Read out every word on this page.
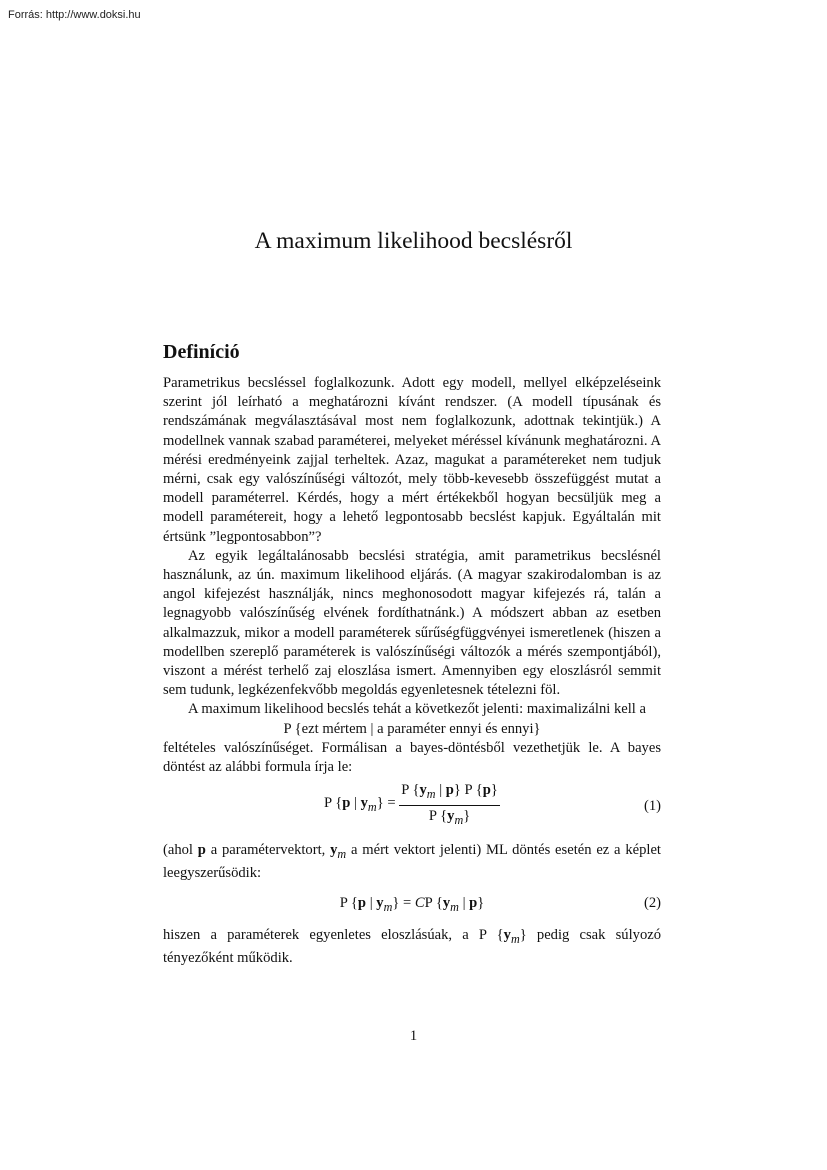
Forrás: http://www.doksi.hu
A maximum likelihood becslésről
Definíció

Parametrikus becsléssel foglalkozunk. Adott egy modell, mellyel elképzeléseink szerint jól leírható a meghatározni kívánt rendszer. (A modell típusának és rendszámának megválasztásával most nem foglalkozunk, adottnak tekintjük.) A modellnek vannak szabad paraméterei, melyeket méréssel kívánunk meghatározni. A mérési eredményeink zajjal terheltek. Azaz, magukat a paramétereket nem tudjuk mérni, csak egy valószínűségi változót, mely több-kevesebb összefüggést mutat a modell paraméterrel. Kérdés, hogy a mért értékekből hogyan becsüljük meg a modell paramétereit, hogy a lehető legpontosabb becslést kapjuk. Egyáltalán mit értsünk ”legpontosabbon”?

Az egyik legáltalánosabb becslési stratégia, amit parametrikus becslésnél használunk, az ún. maximum likelihood eljárás. (A magyar szakirodalomban is az angol kifejezést használják, nincs meghonosodott magyar kifejezés rá, talán a legnagyobb valószínűség elvének fordíthatnánk.) A módszert abban az esetben alkalmazzuk, mikor a modell paraméterek sűrűségfüggvényei ismeretlenek (hiszen a modellben szereplő paraméterek is valószínűségi változók a mérés szempontjából), viszont a mérést terhelő zaj eloszlása ismert. Amennyiben egy eloszlásról semmit sem tudunk, legkézenfekvőbb megoldás egyenletesnek tételezni föl.

A maximum likelihood becslés tehát a következőt jelenti: maximalizálni kell a

P {ezt mértem | a paraméter ennyi és ennyi}

feltételes valószínűséget. Formálisan a bayes-döntésből vezethetjük le. A bayes döntést az alábbi formula írja le:

P {p | $y_m\} = \frac{P \{y_m | p\} P \{p\}}{P \{y_m\}}$	(1)

(ahol p a paramétervektort, $y_m$ a mért vektort jelenti) ML döntés esetén ez a képlet leegyszerűsödik:

P {p | $y_m$} = CP {$y_m$ | p}	(2)

hiszen a paraméterek egyenletes eloszlásúak, a P $\{y_m\}$ pedig csak súlyozó tényezőként működik.

1
